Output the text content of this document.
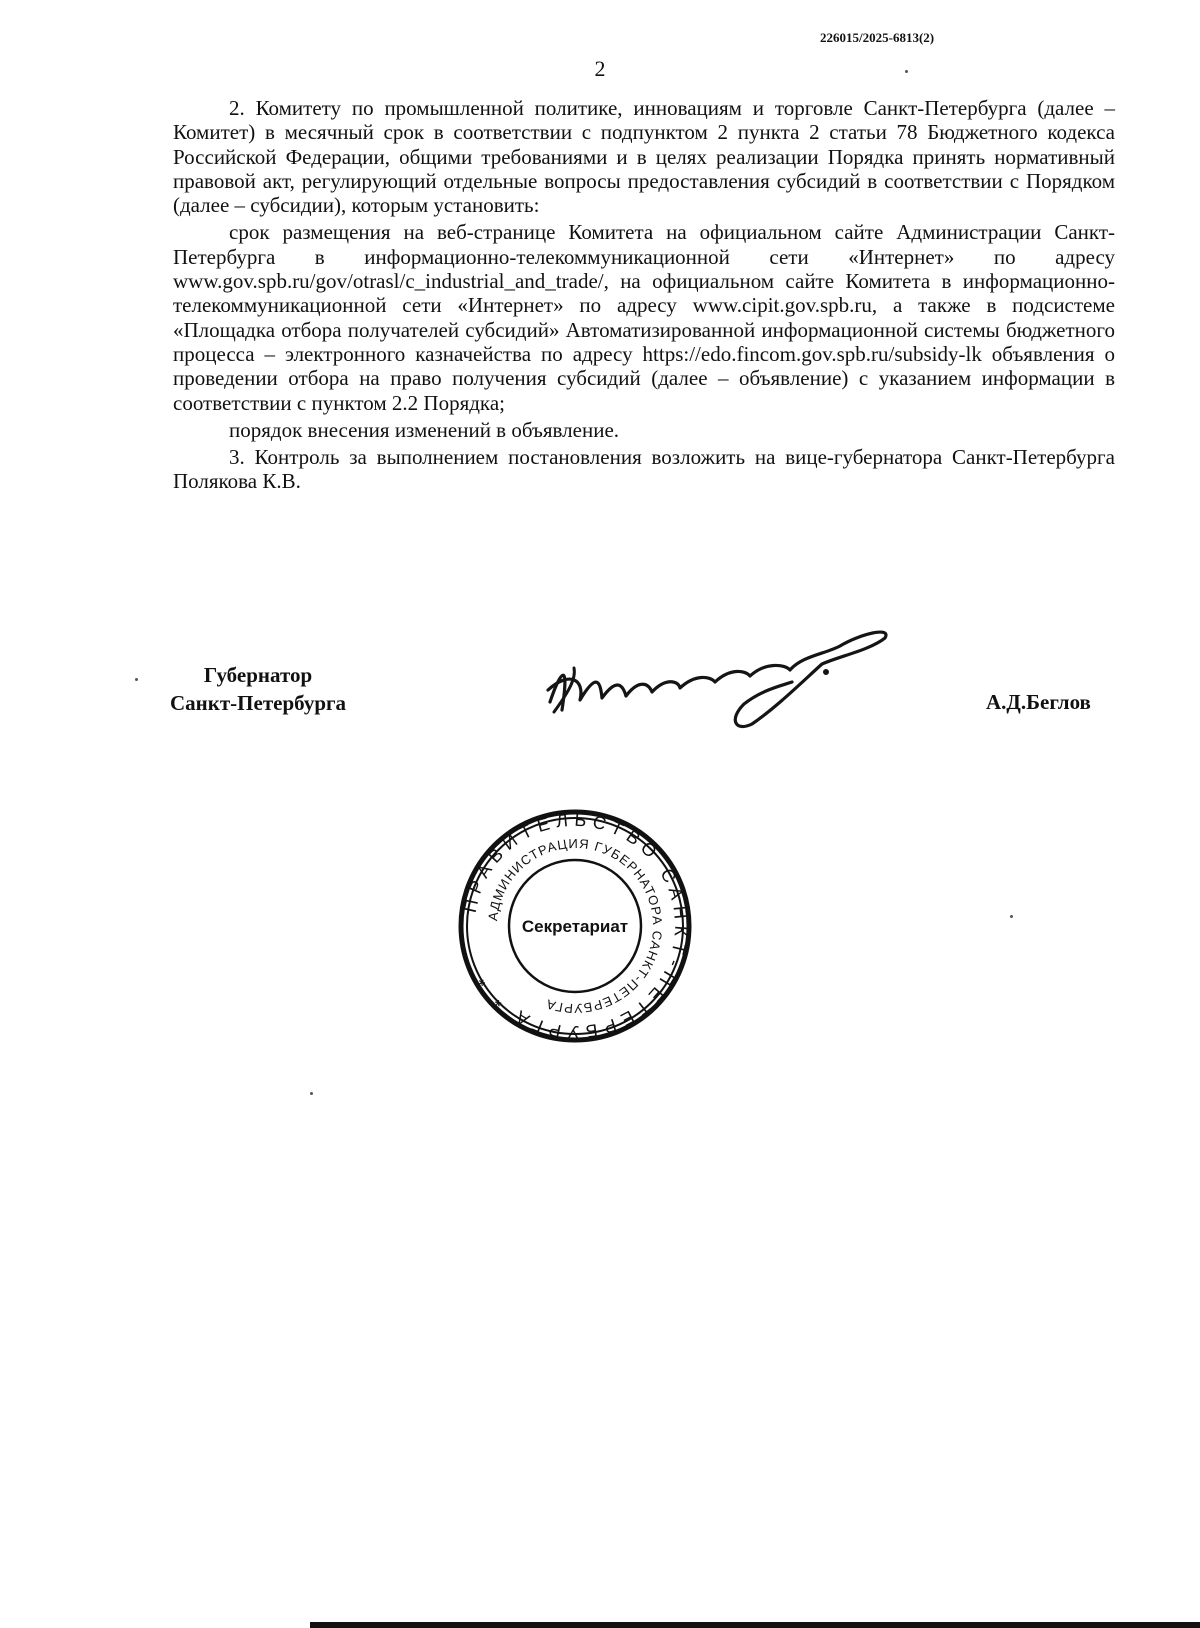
226015/2025-6813(2)
2

2. Комитету по промышленной политике, инновациям и торговле Санкт-Петербурга (далее – Комитет) в месячный срок в соответствии с подпунктом 2 пункта 2 статьи 78 Бюджетного кодекса Российской Федерации, общими требованиями и в целях реализации Порядка принять нормативный правовой акт, регулирующий отдельные вопросы предоставления субсидий в соответствии с Порядком (далее – субсидии), которым установить:

срок размещения на веб-странице Комитета на официальном сайте Администрации Санкт-Петербурга в информационно-телекоммуникационной сети «Интернет» по адресу www.gov.spb.ru/gov/otrasl/c_industrial_and_trade/, на официальном сайте Комитета в информационно-телекоммуникационной сети «Интернет» по адресу www.cipit.gov.spb.ru, а также в подсистеме «Площадка отбора получателей субсидий» Автоматизированной информационной системы бюджетного процесса – электронного казначейства по адресу https://edo.fincom.gov.spb.ru/subsidy-lk объявления о проведении отбора на право получения субсидий (далее – объявление) с указанием информации в соответствии с пунктом 2.2 Порядка;

порядок внесения изменений в объявление.

3. Контроль за выполнением постановления возложить на вице-губернатора Санкт-Петербурга Полякова К.В.

Губернатор
Санкт-Петербурга	А.Д.Беглов
ПРАВИТЕЛЬСТВО САНКТ-ПЕТЕРБУРГА * *
АДМИНИСТРАЦИЯ ГУБЕРНАТОРА САНКТ-ПЕТЕРБУРГА
Секретариат
